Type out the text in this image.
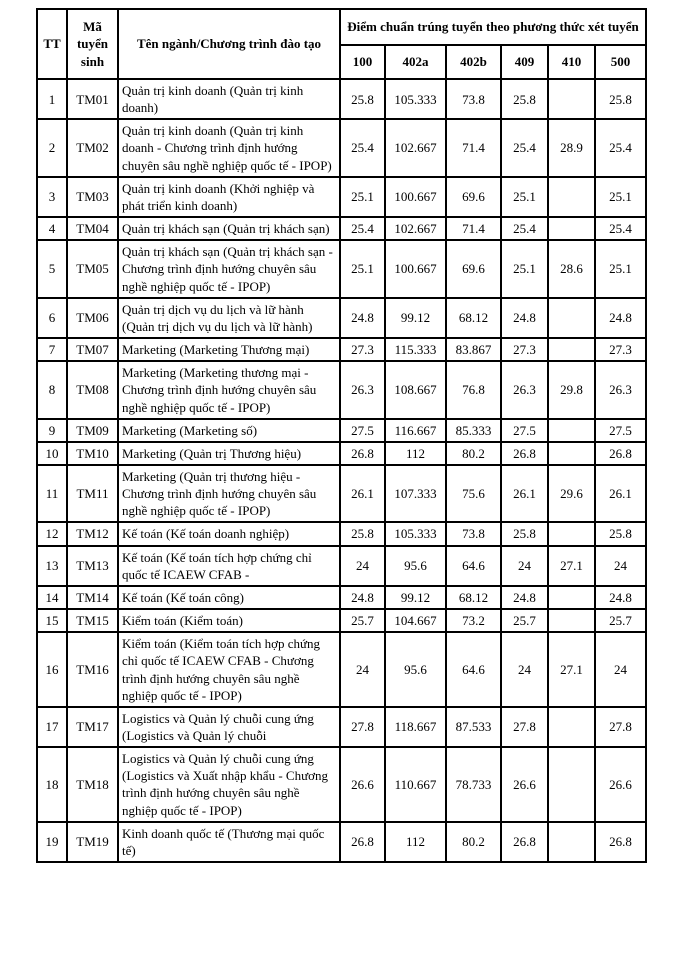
TT	Mã tuyển sinh	Tên ngành/Chương trình đào tạo	Điểm chuẩn trúng tuyển theo phương thức xét tuyển					
			100	402a	402b	409	410	500
1	TM01	Quản trị kinh doanh (Quản trị kinh doanh)	25.8	105.333	73.8	25.8		25.8
2	TM02	Quản trị kinh doanh (Quản trị kinh doanh - Chương trình định hướng chuyên sâu nghề nghiệp quốc tế - IPOP)	25.4	102.667	71.4	25.4	28.9	25.4
3	TM03	Quản trị kinh doanh (Khởi nghiệp và phát triển kinh doanh)	25.1	100.667	69.6	25.1		25.1
4	TM04	Quản trị khách sạn (Quản trị khách sạn)	25.4	102.667	71.4	25.4		25.4
5	TM05	Quản trị khách sạn (Quản trị khách sạn - Chương trình định hướng chuyên sâu nghề nghiệp quốc tế - IPOP)	25.1	100.667	69.6	25.1	28.6	25.1
6	TM06	Quản trị dịch vụ du lịch và lữ hành (Quản trị dịch vụ du lịch và lữ hành)	24.8	99.12	68.12	24.8		24.8
7	TM07	Marketing (Marketing Thương mại)	27.3	115.333	83.867	27.3		27.3
8	TM08	Marketing (Marketing thương mại - Chương trình định hướng chuyên sâu nghề nghiệp quốc tế - IPOP)	26.3	108.667	76.8	26.3	29.8	26.3
9	TM09	Marketing (Marketing số)	27.5	116.667	85.333	27.5		27.5
10	TM10	Marketing (Quản trị Thương hiệu)	26.8	112	80.2	26.8		26.8
11	TM11	Marketing (Quản trị thương hiệu - Chương trình định hướng chuyên sâu nghề nghiệp quốc tế - IPOP)	26.1	107.333	75.6	26.1	29.6	26.1
12	TM12	Kế toán (Kế toán doanh nghiệp)	25.8	105.333	73.8	25.8		25.8
13	TM13	Kế toán (Kế toán tích hợp chứng chỉ quốc tế ICAEW CFAB -	24	95.6	64.6	24	27.1	24
14	TM14	Kế toán (Kế toán công)	24.8	99.12	68.12	24.8		24.8
15	TM15	Kiểm toán (Kiểm toán)	25.7	104.667	73.2	25.7		25.7
16	TM16	Kiểm toán (Kiểm toán tích hợp chứng chỉ quốc tế ICAEW CFAB - Chương trình định hướng chuyên sâu nghề nghiệp quốc tế - IPOP)	24	95.6	64.6	24	27.1	24
17	TM17	Logistics và Quản lý chuỗi cung ứng (Logistics và Quản lý chuỗi	27.8	118.667	87.533	27.8		27.8
18	TM18	Logistics và Quản lý chuỗi cung ứng (Logistics và Xuất nhập khẩu - Chương trình định hướng chuyên sâu nghề nghiệp quốc tế - IPOP)	26.6	110.667	78.733	26.6		26.6
19	TM19	Kinh doanh quốc tế (Thương mại quốc tế)	26.8	112	80.2	26.8		26.8
